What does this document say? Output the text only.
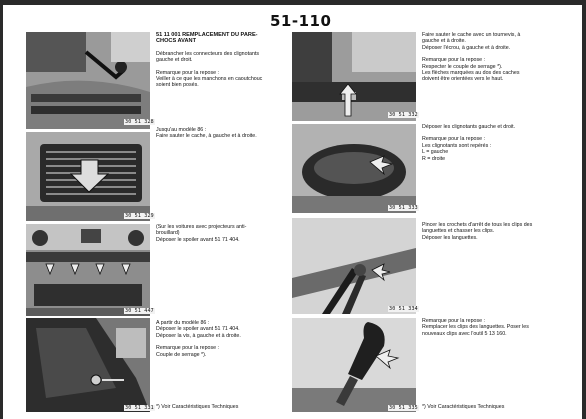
51-110
30 51 328
30 51 329
30 51 447
30 51 331

51 11 001 REMPLACEMENT DU PARE-
CHOCS AVANT

Débrancher les connecteurs des clignotants

gauche et droit.

Remarque pour la repose :

Veiller à ce que les manchons en caoutchouc

soient bien posés.

Jusqu'au modèle 86 :

Faire sauter le cache, à gauche et à droite.

(Sur les voitures avec projecteurs anti-

brouillard)

Déposer le spoiler avant 51 71 404.

A partir du modèle 86 :

Déposer le spoiler avant 51 71 404.

Déposer la vis, à gauche et à droite.

Remarque pour la repose :

Couple de serrage *).

*) Voir Caractéristiques Techniques

30 51 332
30 51 333
30 51 334
30 51 335

Faire sauter le cache avec un tournevis, à

gauche et à droite.

Déposer l'écrou, à gauche et à droite.

Remarque pour la repose :

Respecter le couple de serrage *).

Les flèches marquées au dos des caches

doivent être orientées vers le haut.

Déposer les clignotants gauche et droit.

Remarque pour la repose :

Les clignotants sont repérés :

L = gauche

R = droite

Pincer les crochets d'arrêt de tous les clips des

languettes et chasser les clips.

Déposer les languettes.

Remarque pour la repose :

Remplacer les clips des languettes. Poser les

nouveaux clips avec l'outil 5 13 160.

*) Voir Caractéristiques Techniques
